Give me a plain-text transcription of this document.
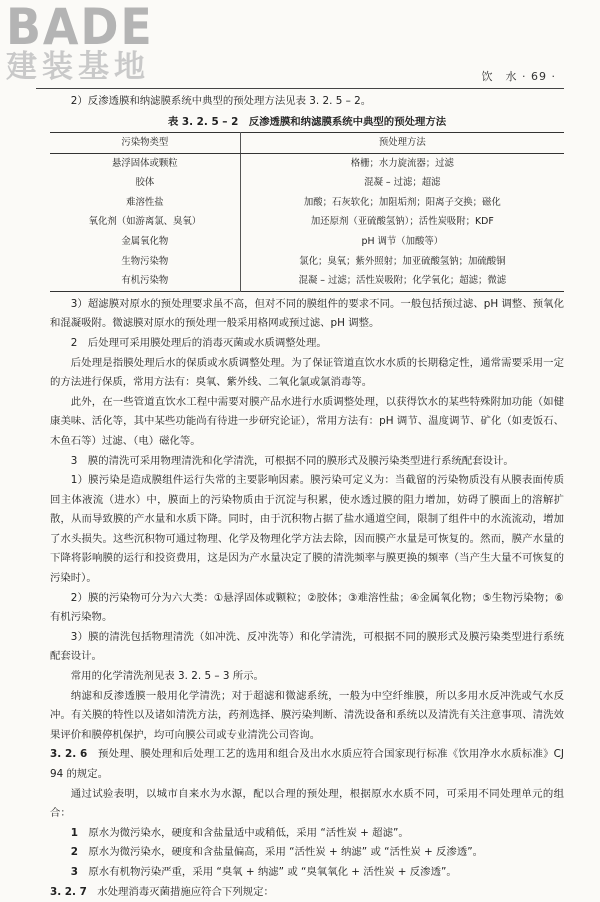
BADE
建装基地	饮　水 · 69 ·

2）反渗透膜和纳滤膜系统中典型的预处理方法见表 3. 2. 5 – 2。

表 3. 2. 5 – 2　反渗透膜和纳滤膜系统中典型的预处理方法
污染物类型	预处理方法
悬浮固体或颗粒	格栅；水力旋流器；过滤
胶体	混凝 – 过滤；超滤
难溶性盐	加酸；石灰软化；加阻垢剂；阳离子交换；磁化
氧化剂（如游离氯、臭氧）	加还原剂（亚硫酸氢钠）；活性炭吸附；KDF
金属氧化物	pH 调节（加酸等）
生物污染物	氯化；臭氧；紫外照射；加亚硫酸氢钠；加硫酸铜
有机污染物	混凝 – 过滤；活性炭吸附；化学氧化；超滤；微滤

3）超滤膜对原水的预处理要求虽不高，但对不同的膜组件的要求不同。一般包括预过滤、pH 调整、预氧化和混凝吸附。微滤膜对原水的预处理一般采用格网或预过滤、pH 调整。

2　后处理可采用膜处理后的消毒灭菌或水质调整处理。

后处理是指膜处理后水的保质或水质调整处理。为了保证管道直饮水水质的长期稳定性，通常需要采用一定的方法进行保质，常用方法有：臭氧、紫外线、二氧化氯或氯消毒等。

此外，在一些管道直饮水工程中需要对膜产品水进行水质调整处理，以获得饮水的某些特殊附加功能（如健康美味、活化等，其中某些功能尚有待进一步研究论证），常用方法有：pH 调节、温度调节、矿化（如麦饭石、木鱼石等）过滤、（电）磁化等。

3　膜的清洗可采用物理清洗和化学清洗，可根据不同的膜形式及膜污染类型进行系统配套设计。

1）膜污染是造成膜组件运行失常的主要影响因素。膜污染可定义为：当截留的污染物质没有从膜表面传质回主体液流（进水）中，膜面上的污染物质由于沉淀与积累，使水透过膜的阻力增加，妨碍了膜面上的溶解扩散，从而导致膜的产水量和水质下降。同时，由于沉积物占据了盐水通道空间，限制了组件中的水流流动，增加了水头损失。这些沉积物可通过物理、化学及物理化学方法去除，因而膜产水量是可恢复的。然而，膜产水量的下降将影响膜的运行和投资费用，这是因为产水量决定了膜的清洗频率与膜更换的频率（当产生大量不可恢复的污染时）。

2）膜的污染物可分为六大类：①悬浮固体或颗粒；②胶体；③难溶性盐；④金属氧化物；⑤生物污染物；⑥有机污染物。

3）膜的清洗包括物理清洗（如冲洗、反冲洗等）和化学清洗，可根据不同的膜形式及膜污染类型进行系统配套设计。

常用的化学清洗剂见表 3. 2. 5 – 3 所示。

纳滤和反渗透膜一般用化学清洗；对于超滤和微滤系统，一般为中空纤维膜，所以多用水反冲洗或气水反冲。有关膜的特性以及诸如清洗方法，药剂选择、膜污染判断、清洗设备和系统以及清洗有关注意事项、清洗效果评价和膜停机保护，均可向膜公司或专业清洗公司咨询。

3. 2. 6　预处理、膜处理和后处理工艺的选用和组合及出水水质应符合国家现行标准《饮用净水水质标准》CJ 94 的规定。

通过试验表明，以城市自来水为水源，配以合理的预处理，根据原水水质不同，可采用不同处理单元的组合：

1　原水为微污染水，硬度和含盐量适中或稍低，采用 “活性炭 + 超滤”。

2　原水为微污染水，硬度和含盐量偏高，采用 “活性炭 + 纳滤” 或 “活性炭 + 反渗透”。

3　原水有机物污染严重，采用 “臭氧 + 纳滤” 或 “臭氧氧化 + 活性炭 + 反渗透”。

3. 2. 7　水处理消毒灭菌措施应符合下列规定：
